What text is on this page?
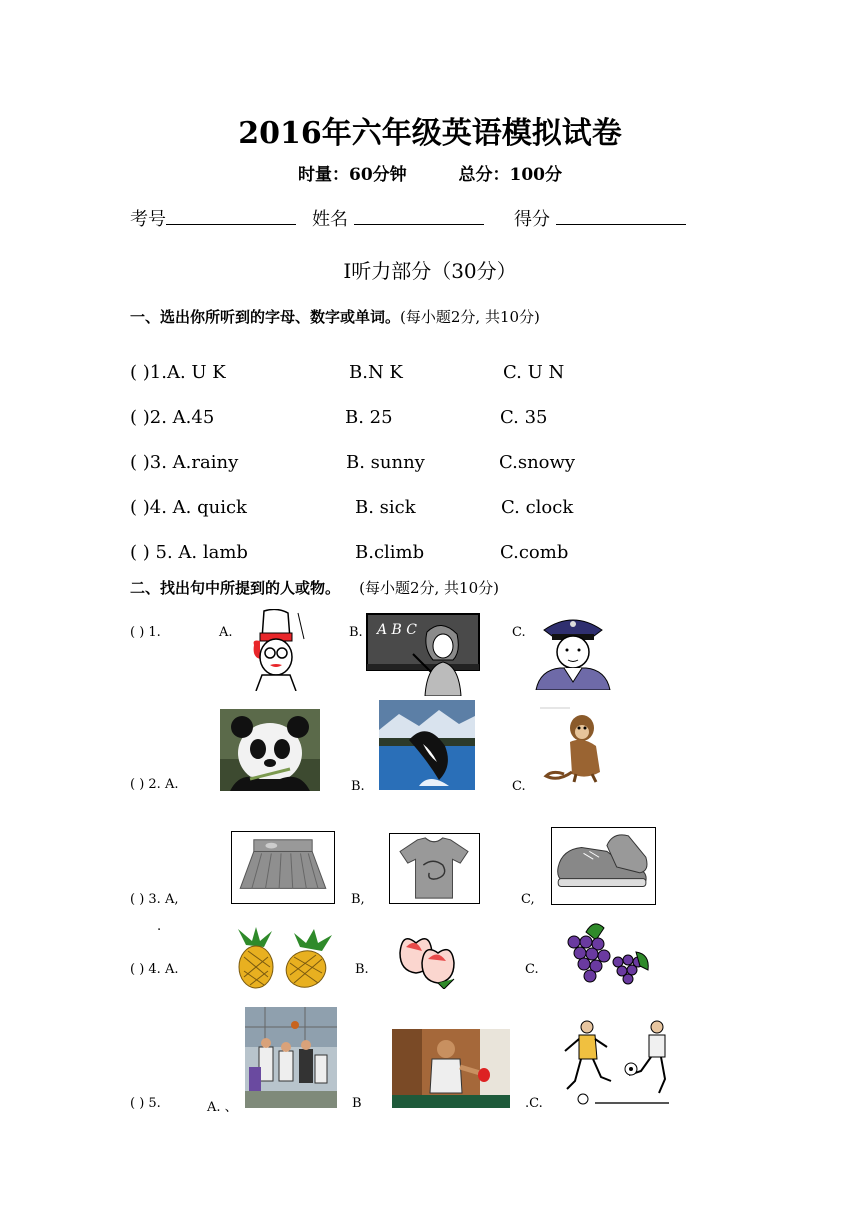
2016年六年级英语模拟试卷
时量：60分钟	总分：100分
考号	姓名	得分
Ⅰ听力部分（30分）
一、选出你所听到的字母、数字或单词。(每小题2分, 共10分)
( )1.A. U K	B.N K	C. U N
( )2. A.45	B. 25	C. 35
( )3. A.rainy	B. sunny	C.snowy
( )4. A. quick	B. sick	C. clock
( ) 5. A. lamb	B.climb	C.comb
二、找出句中所提到的人或物。 (每小题2分, 共10分)
( ) 1.	A.	B. A B C	C.
( ) 2. A.	B.	C.
( ) 3. A,	B,	C,
.
( ) 4. A.	B.	C.
( ) 5.	A. 、	B	.C.
